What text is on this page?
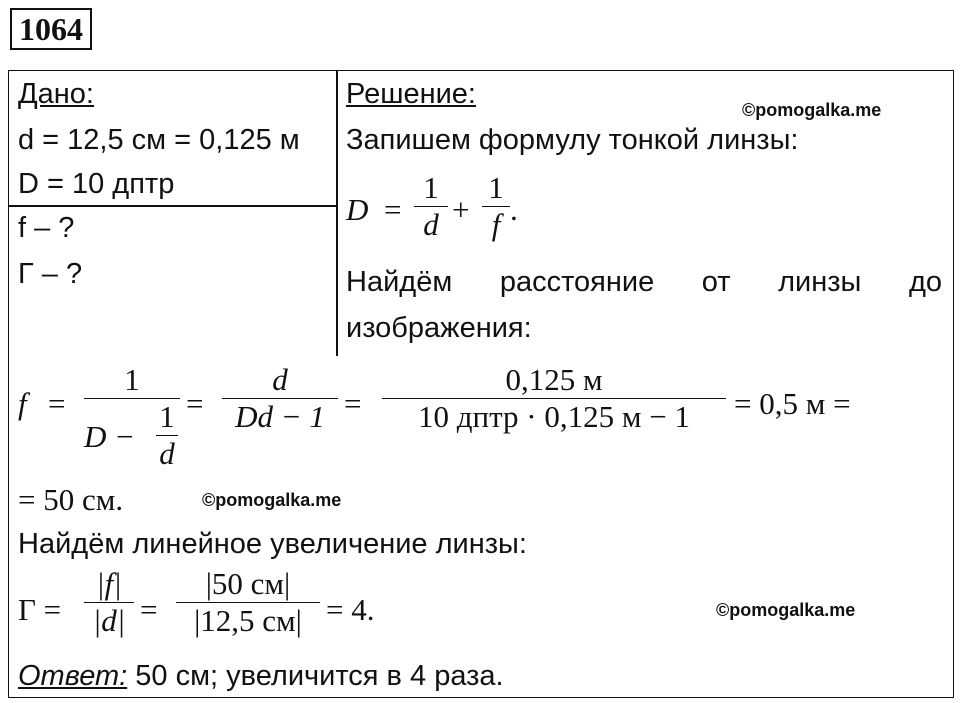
1064
Дано:
d = 12,5 см = 0,125 м
D = 10 дптр
f – ?
Г – ?
Решение:	©pomogalka.me
Запишем формулу тонкой линзы:
$D = \frac{1}{d} + \frac{1}{f}$ .
Найдём расстояние от линзы до
изображения:
$f = \frac{1}{D - \frac{1}{d}} = \frac{d}{Dd - 1}$ =
0,125 м
10 дптр · 0,125 м − 1	= 0,5 м =
= 50 см.	©pomogalka.me
Найдём линейное увеличение линзы:
$Г = \frac{|f|}{|d|}$ =
|50 см|
|12,5 см| = 4.	©pomogalka.me
Ответ: 50 см; увеличится в 4 раза.
